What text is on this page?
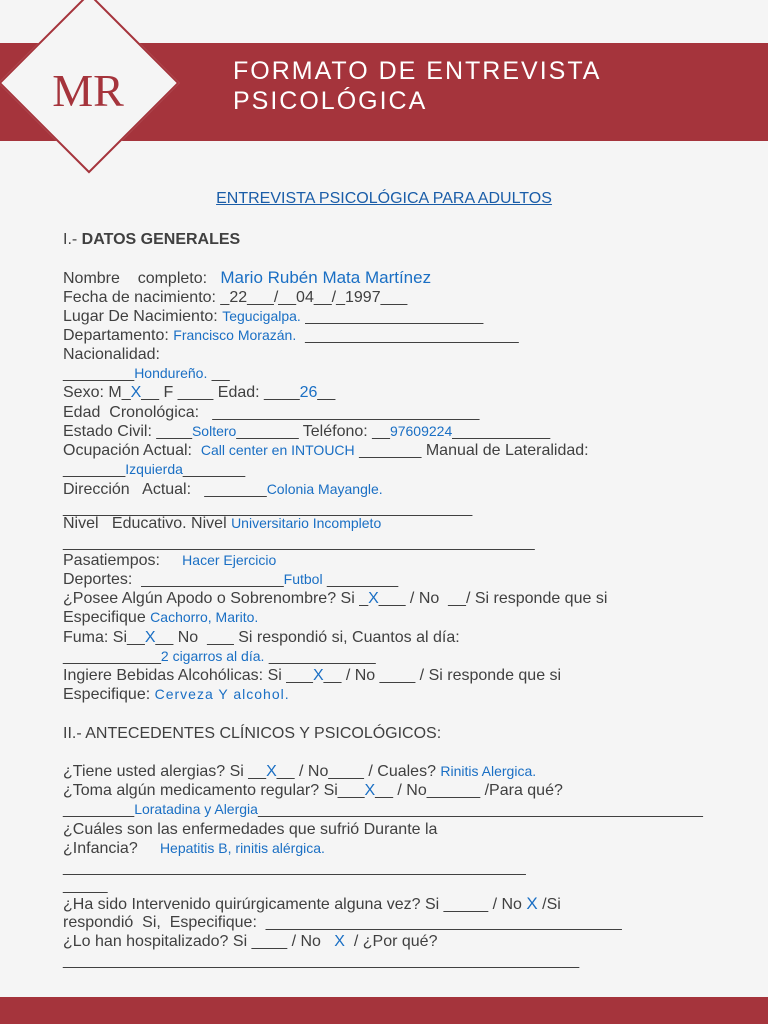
MR	FORMATO DE ENTREVISTA
PSICOLÓGICA
ENTREVISTA PSICOLÓGICA PARA ADULTOS
I.- DATOS GENERALES
Nombre    completo:   Mario Rubén Mata Martínez
Fecha de nacimiento: _22___/__04__/_1997___
Lugar De Nacimiento: Tegucigalpa. ____________________
Departamento: Francisco Morazán.  ________________________
Nacionalidad:
________Hondureño. __
Sexo: M_X__ F ____ Edad: ____26__
Edad  Cronológica:   ______________________________
Estado Civil: ____Soltero_______ Teléfono: __97609224___________
Ocupación Actual:  Call center en INTOUCH _______ Manual de Lateralidad:
_______Izquierda_______
Dirección   Actual:   _______Colonia Mayangle.
______________________________________________
Nivel   Educativo. Nivel Universitario Incompleto
_____________________________________________________
Pasatiempos:     Hacer Ejercicio
Deportes:  ________________Futbol ________
¿Posee Algún Apodo o Sobrenombre? Si _X___ / No  __/ Si responde que si
Especifique Cachorro, Marito.
Fuma: Si__X__ No  ___ Si respondió si, Cuantos al día:
___________2 cigarros al día. ____________
Ingiere Bebidas Alcohólicas: Si ___X__ / No ____ / Si responde que si
Especifique: Cerveza Y alcohol.
II.- ANTECEDENTES CLÍNICOS Y PSICOLÓGICOS:
¿Tiene usted alergias? Si __X__ / No____ / Cuales? Rinitis Alergica.
¿Toma algún medicamento regular? Si___X__ / No______ /Para qué?
________Loratadina y Alergia__________________________________________________
¿Cuáles son las enfermedades que sufrió Durante la
¿Infancia?     Hepatitis B, rinitis alérgica.
____________________________________________________
_____
¿Ha sido Intervenido quirúrgicamente alguna vez? Si _____ / No X /Si
respondió  Si,  Especifique:  ________________________________________
¿Lo han hospitalizado? Si ____ / No   X  / ¿Por qué?
__________________________________________________________
